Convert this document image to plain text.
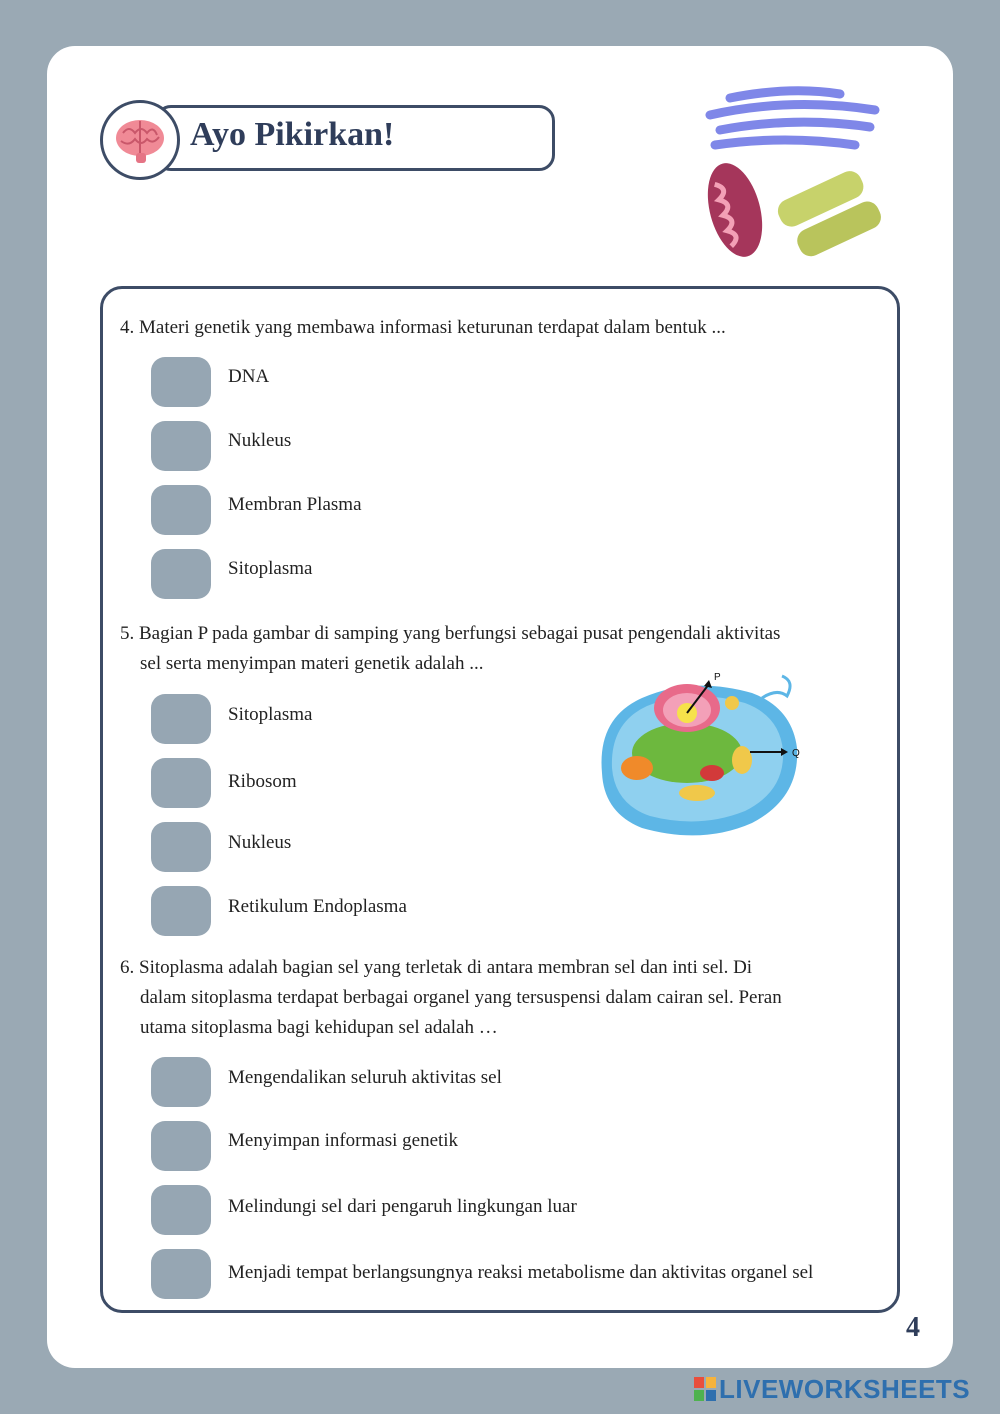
Ayo Pikirkan!
4. Materi genetik yang membawa informasi keturunan terdapat dalam bentuk ...
DNA
Nukleus
Membran Plasma
Sitoplasma
5. Bagian P pada gambar di samping yang berfungsi sebagai pusat pengendali aktivitas
sel serta menyimpan materi genetik adalah ...
Sitoplasma
Ribosom
Nukleus
Retikulum Endoplasma
P
Q
6. Sitoplasma adalah bagian sel yang terletak di antara membran sel dan inti sel. Di
dalam sitoplasma terdapat berbagai organel yang tersuspensi dalam cairan sel. Peran
utama sitoplasma bagi kehidupan sel adalah …
Mengendalikan seluruh aktivitas sel
Menyimpan informasi genetik
Melindungi sel dari pengaruh lingkungan luar
Menjadi tempat berlangsungnya reaksi metabolisme dan aktivitas organel sel
4
LIVEWORKSHEETS
